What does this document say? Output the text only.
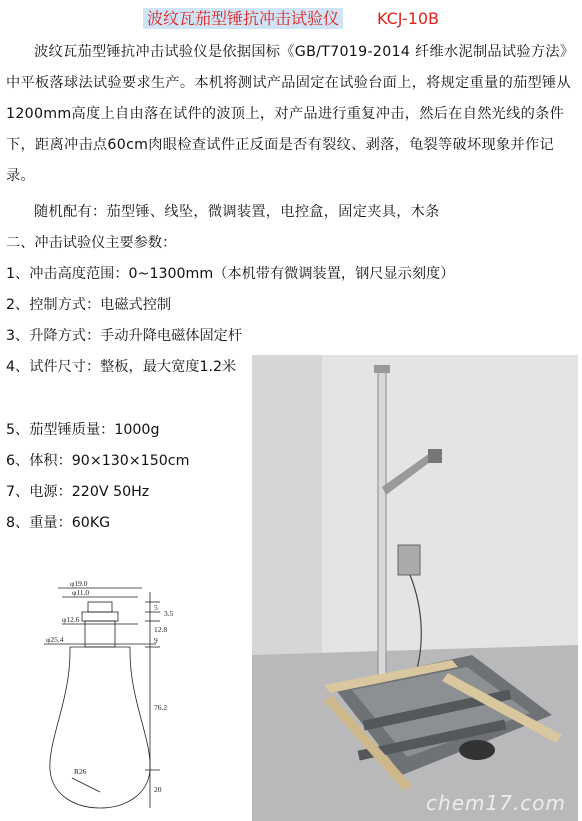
波纹瓦茄型锤抗冲击试验仪 KCJ-10B
波纹瓦茄型锤抗冲击试验仪是依据国标《GB/T7019-2014 纤维水泥制品试验方法》中平板落球法试验要求生产。本机将测试产品固定在试验台面上，将规定重量的茄型锤从1200mm高度上自由落在试件的波顶上，对产品进行重复冲击，然后在自然光线的条件下，距离冲击点60cm肉眼检查试件正反面是否有裂纹、剥落，龟裂等破坏现象并作记录。
随机配有：茄型锤、线坠，微调装置，电控盒，固定夹具，木条
二、冲击试验仪主要参数：
1、冲击高度范围：0~1300mm（本机带有微调装置，钢尺显示刻度）
2、控制方式：电磁式控制
3、升降方式：手动升降电磁体固定杆
4、试件尺寸：整板，最大宽度1.2米
5、茄型锤质量：1000g
6、体积：90×130×150cm
7、电源：220V 50Hz
8、重量：60KG
φ19.0
φ11.0
φ12.6
φ25.4
5
3.5
12.8
9
76.2
20
R26
chem17.com
